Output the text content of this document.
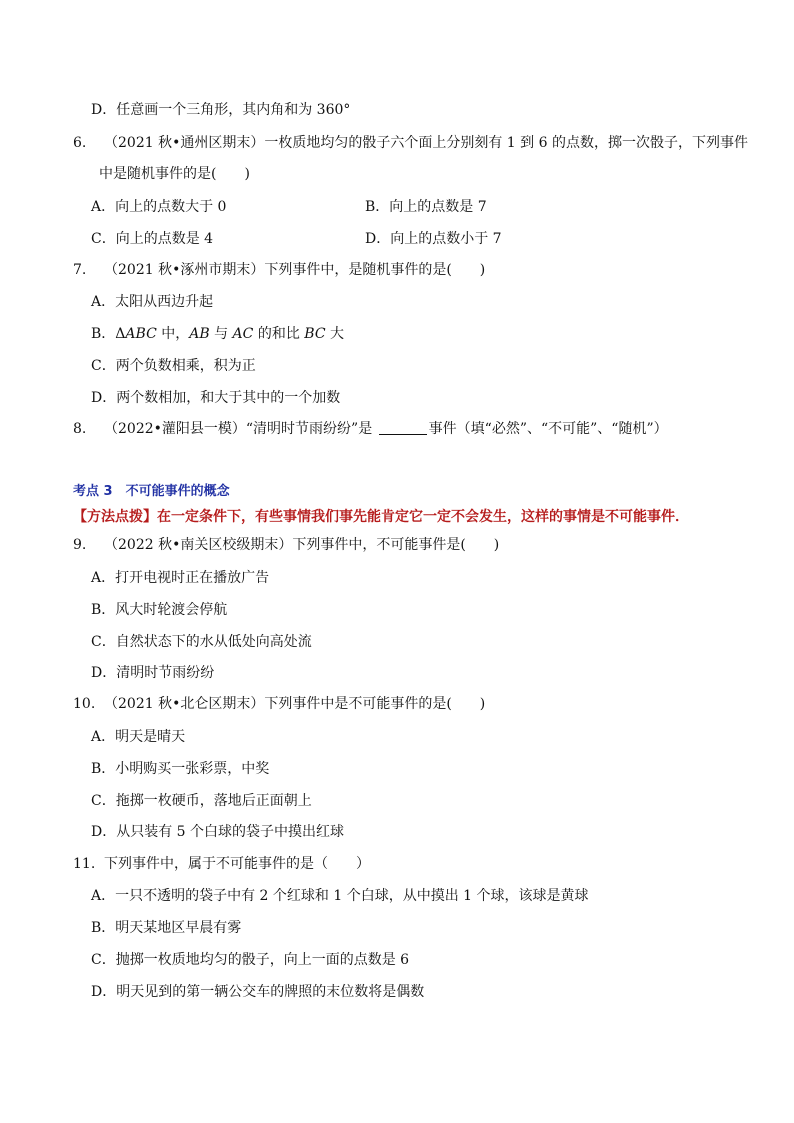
D．任意画一个三角形，其内角和为 360°
6. （2021 秋•通州区期末）一枚质地均匀的骰子六个面上分别刻有 1 到 6 的点数，掷一次骰子，下列事件
中是随机事件的是(　　)
A．向上的点数大于 0	B．向上的点数是 7
C．向上的点数是 4	D．向上的点数小于 7
7. （2021 秋•涿州市期末）下列事件中，是随机事件的是(　　)
A．太阳从西边升起
B．ΔABC 中，AB 与 AC 的和比 BC 大
C．两个负数相乘，积为正
D．两个数相加，和大于其中的一个加数
8. （2022•灌阳县一模）“清明时节雨纷纷”是	事件（填“必然”、“不可能”、“随机”）
考点 3　不可能事件的概念
【方法点拨】在一定条件下，有些事情我们事先能肯定它一定不会发生，这样的事情是不可能事件．
9. （2022 秋•南关区校级期末）下列事件中，不可能事件是(　　)
A．打开电视时正在播放广告
B．风大时轮渡会停航
C．自然状态下的水从低处向高处流
D．清明时节雨纷纷
10. （2021 秋•北仑区期末）下列事件中是不可能事件的是(　　)
A．明天是晴天
B．小明购买一张彩票，中奖
C．拖掷一枚硬币，落地后正面朝上
D．从只装有 5 个白球的袋子中摸出红球
11. 下列事件中，属于不可能事件的是（　　）
A．一只不透明的袋子中有 2 个红球和 1 个白球，从中摸出 1 个球，该球是黄球
B．明天某地区早晨有雾
C．抛掷一枚质地均匀的骰子，向上一面的点数是 6
D．明天见到的第一辆公交车的牌照的末位数将是偶数
